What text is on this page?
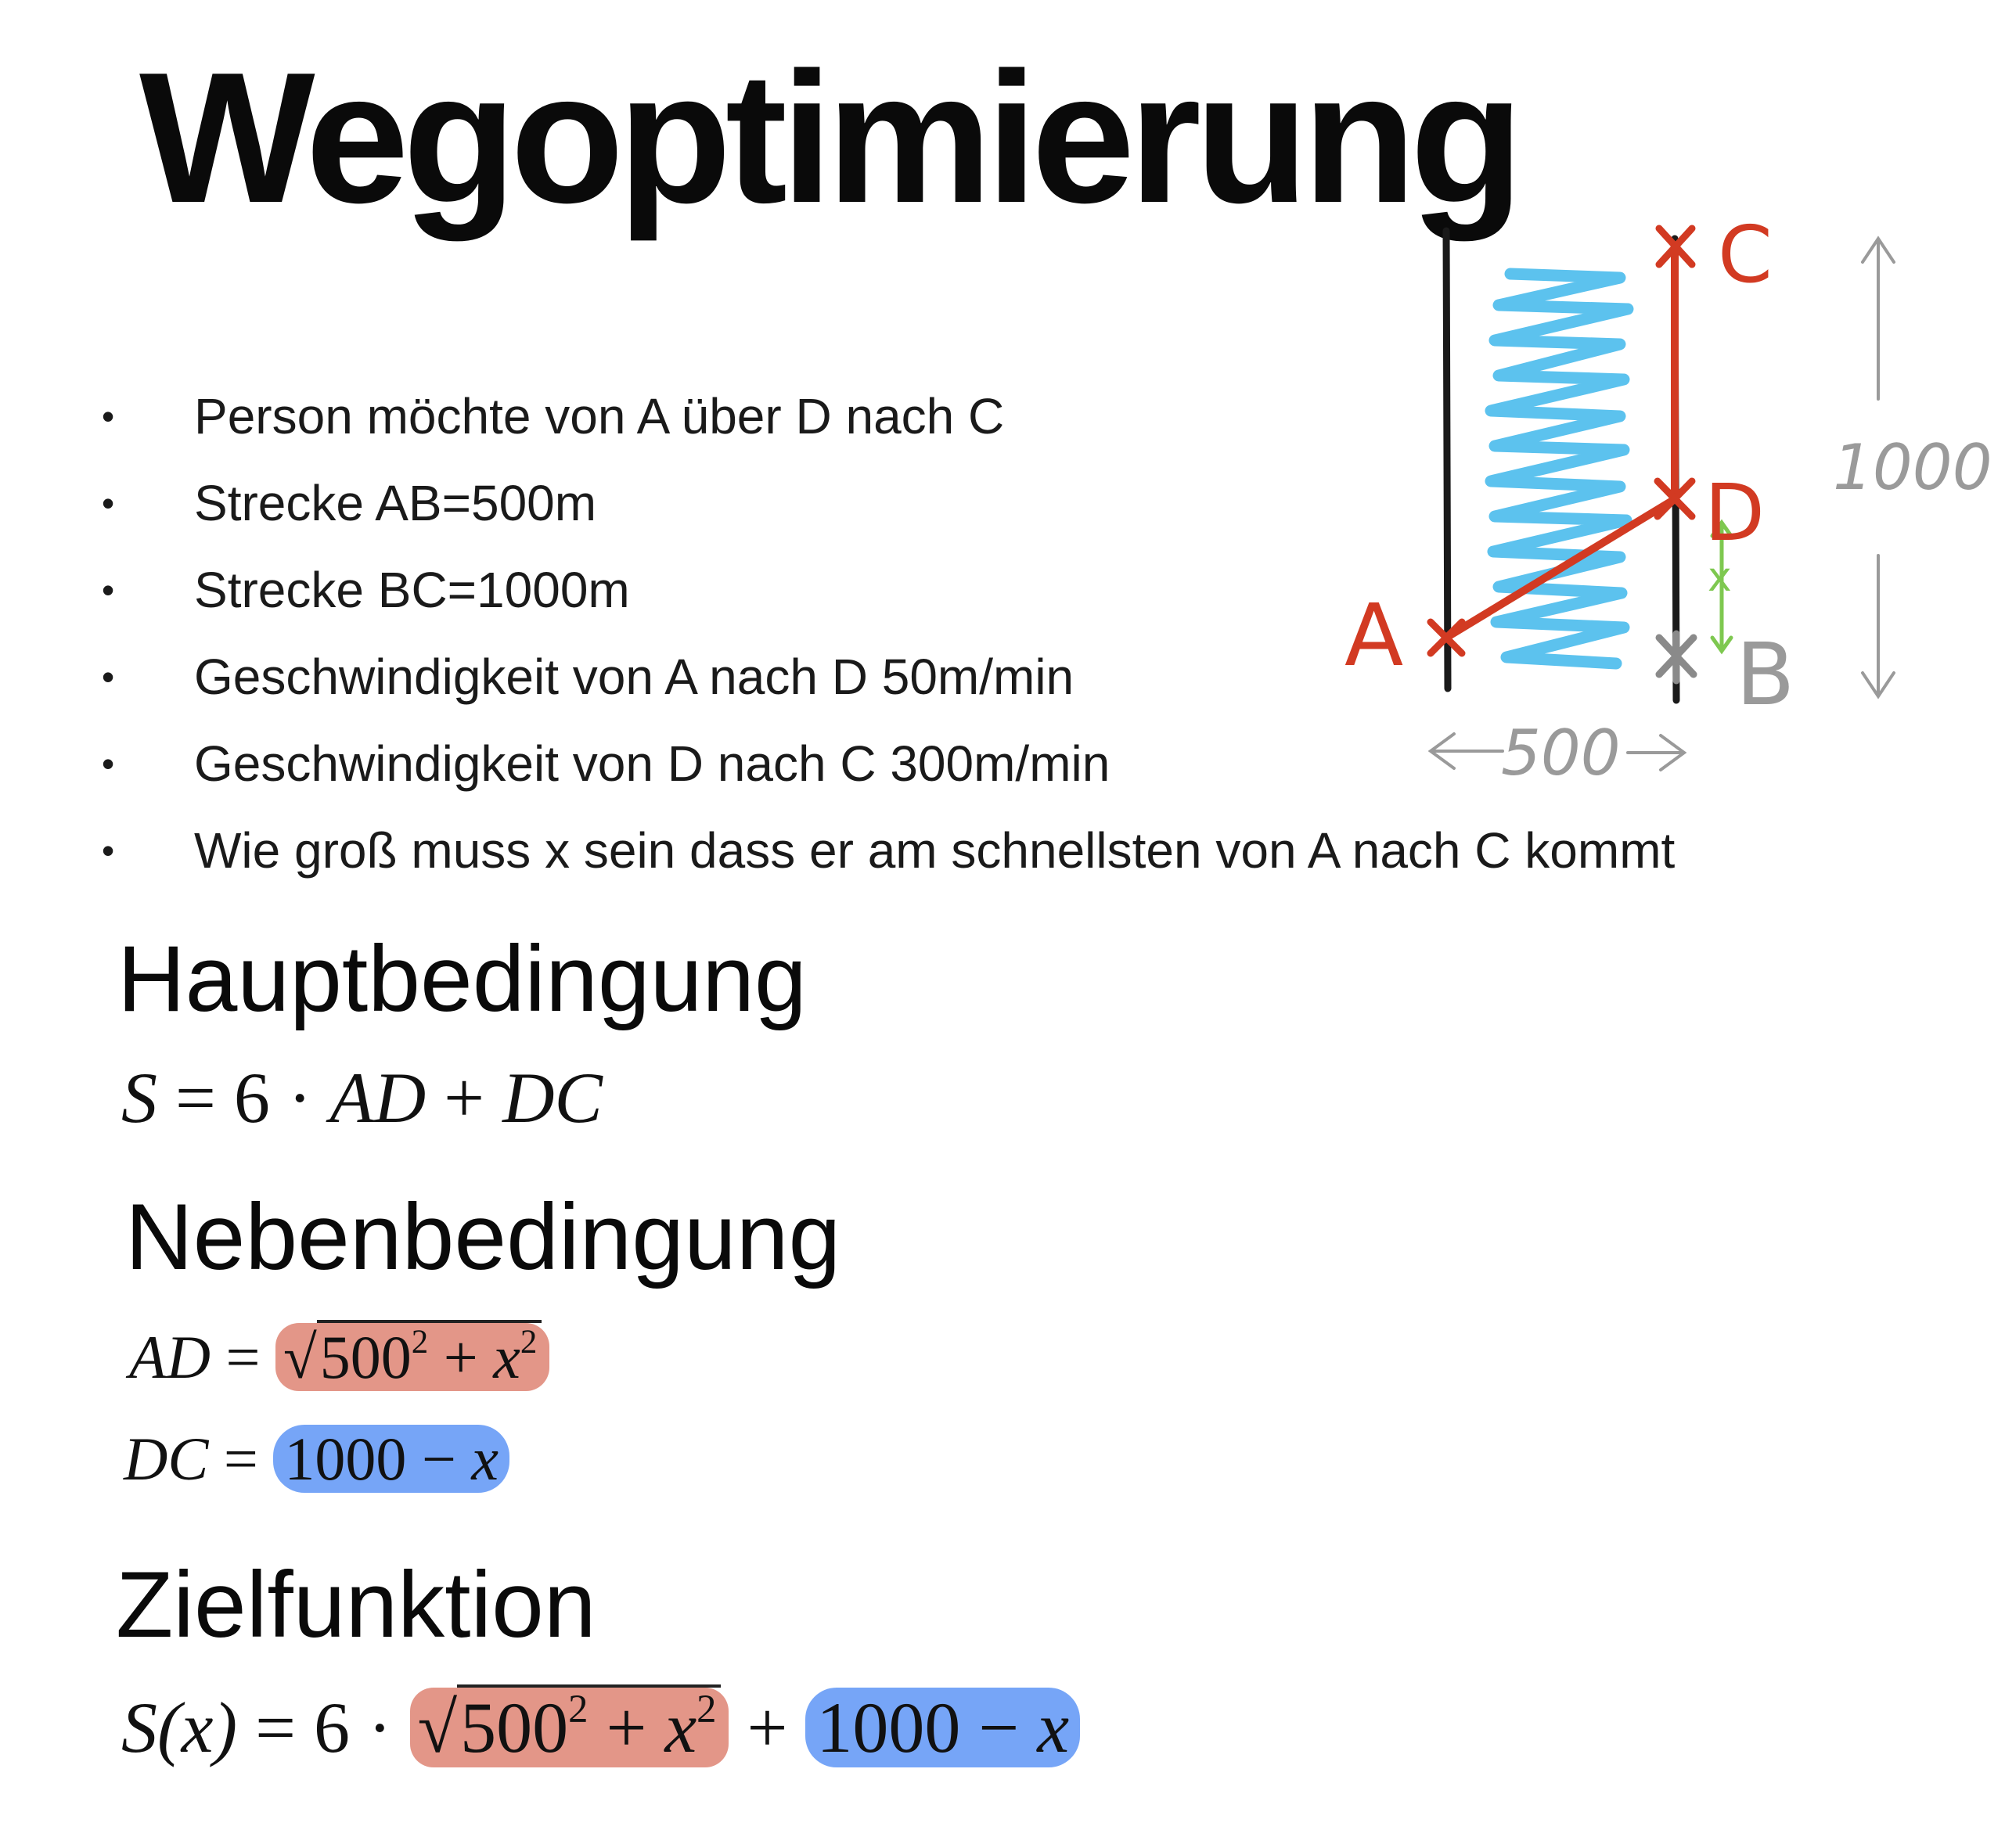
Wegoptimierung
• Person möchte von A über D nach C
• Strecke AB=500m
• Strecke BC=1000m
• Geschwindigkeit von A nach D 50m/min
• Geschwindigkeit von D nach C 300m/min
• Wie groß muss x sein dass er am schnellsten von A nach C kommt
x
A
C
D
B
1000
500
Hauptbedingung
S = 6 · AD + DC
Nebenbedingung
AD = $√500^2 + x^2$
DC = 1000 − x
Zielfunktion
$S(x) = 6 \cdot √500^2 + x^2 + 1000 - x$
